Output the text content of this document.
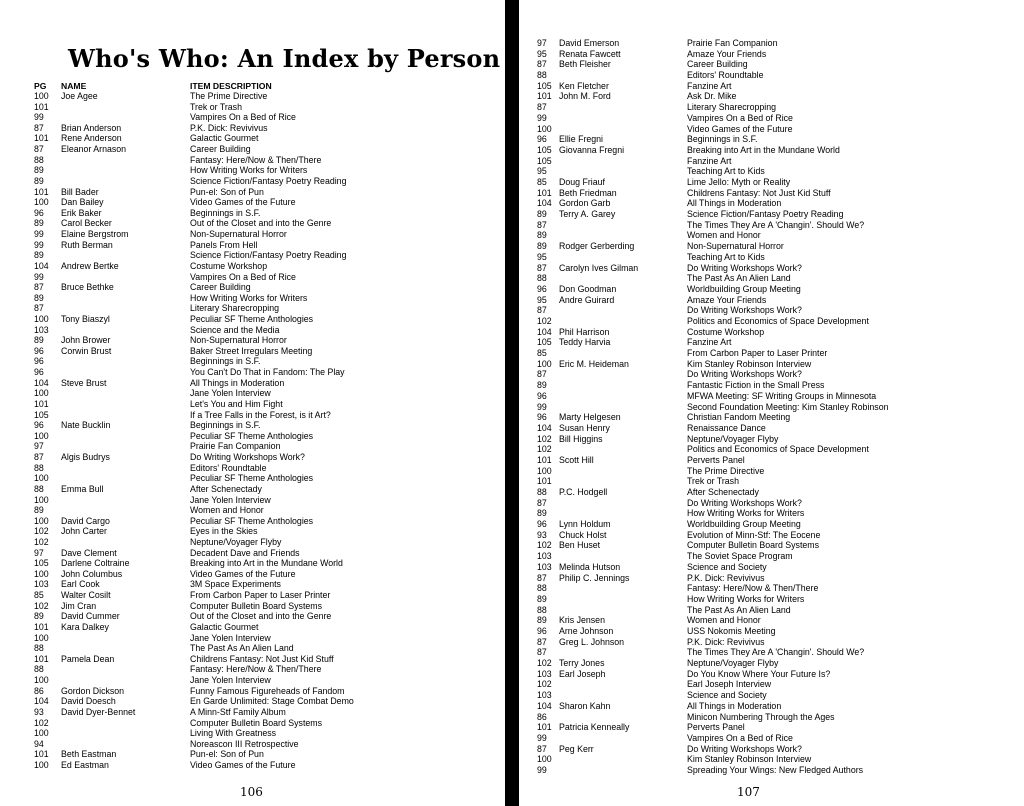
Who's Who: An Index by Person
PG NAME	ITEM DESCRIPTION
100 Joe Agee	The Prime Directive
101	Trek or Trash
99	Vampires On a Bed of Rice
87 Brian Anderson	P.K. Dick: Revivivus
101 Rene Anderson	Galactic Gourmet
87 Eleanor Arnason	Career Building
88	Fantasy: Here/Now & Then/There
89	How Writing Works for Writers
89	Science Fiction/Fantasy Poetry Reading
101 Bill Bader	Pun-el: Son of Pun
100 Dan Bailey	Video Games of the Future
96 Erik Baker	Beginnings in S.F.
89 Carol Becker	Out of the Closet and into the Genre
99 Elaine Bergstrom	Non-Supernatural Horror
99 Ruth Berman	Panels From Hell
89	Science Fiction/Fantasy Poetry Reading
104 Andrew Bertke	Costume Workshop
99	Vampires On a Bed of Rice
87 Bruce Bethke	Career Building
89	How Writing Works for Writers
87	Literary Sharecropping
100 Tony Biaszyl	Peculiar SF Theme Anthologies
103	Science and the Media
89 John Brower	Non-Supernatural Horror
96 Corwin Brust	Baker Street Irregulars Meeting
96	Beginnings in S.F.
96	You Can't Do That in Fandom: The Play
104 Steve Brust	All Things in Moderation
100	Jane Yolen Interview
101	Let's You and Him Fight
105	If a Tree Falls in the Forest, is it Art?
96 Nate Bucklin	Beginnings in S.F.
100	Peculiar SF Theme Anthologies
97	Prairie Fan Companion
87 Algis Budrys	Do Writing Workshops Work?
88	Editors' Roundtable
100	Peculiar SF Theme Anthologies
88 Emma Bull	After Schenectady
100	Jane Yolen Interview
89	Women and Honor
100 David Cargo	Peculiar SF Theme Anthologies
102 John Carter	Eyes in the Skies
102	Neptune/Voyager Flyby
97 Dave Clement	Decadent Dave and Friends
105 Darlene Coltraine	Breaking into Art in the Mundane World
100 John Columbus	Video Games of the Future
103 Earl Cook	3M Space Experiments
85 Walter Cosilt	From Carbon Paper to Laser Printer
102 Jim Cran	Computer Bulletin Board Systems
89 David Cummer	Out of the Closet and into the Genre
101 Kara Dalkey	Galactic Gourmet
100	Jane Yolen Interview
88	The Past As An Alien Land
101 Pamela Dean	Childrens Fantasy: Not Just Kid Stuff
88	Fantasy: Here/Now & Then/There
100	Jane Yolen Interview
86 Gordon Dickson	Funny Famous Figureheads of Fandom
104 David Doesch	En Garde Unlimited: Stage Combat Demo
93 David Dyer-Bennet	A Minn-Stf Family Album
102	Computer Bulletin Board Systems
100	Living With Greatness
94	Noreascon III Retrospective
101 Beth Eastman	Pun-el: Son of Pun
100 Ed Eastman	Video Games of the Future
106
97 David Emerson	Prairie Fan Companion
95 Renata Fawcett	Amaze Your Friends
87 Beth Fleisher	Career Building
88	Editors' Roundtable
105 Ken Fletcher	Fanzine Art
101 John M. Ford	Ask Dr. Mike
87	Literary Sharecropping
99	Vampires On a Bed of Rice
100	Video Games of the Future
96 Ellie Fregni	Beginnings in S.F.
105 Giovanna Fregni	Breaking into Art in the Mundane World
105	Fanzine Art
95	Teaching Art to Kids
85 Doug Friauf	Lime Jello: Myth or Reality
101 Beth Friedman	Childrens Fantasy: Not Just Kid Stuff
104 Gordon Garb	All Things in Moderation
89 Terry A. Garey	Science Fiction/Fantasy Poetry Reading
87	The Times They Are A 'Changin'. Should We?
89	Women and Honor
89 Rodger Gerberding	Non-Supernatural Horror
95	Teaching Art to Kids
87 Carolyn Ives Gilman	Do Writing Workshops Work?
88	The Past As An Alien Land
96 Don Goodman	Worldbuilding Group Meeting
95 Andre Guirard	Amaze Your Friends
87	Do Writing Workshops Work?
102	Politics and Economics of Space Development
104 Phil Harrison	Costume Workshop
105 Teddy Harvia	Fanzine Art
85	From Carbon Paper to Laser Printer
100 Eric M. Heideman	Kim Stanley Robinson Interview
87	Do Writing Workshops Work?
89	Fantastic Fiction in the Small Press
96	MFWA Meeting: SF Writing Groups in Minnesota
99	Second Foundation Meeting: Kim Stanley Robinson
96 Marty Helgesen	Christian Fandom Meeting
104 Susan Henry	Renaissance Dance
102 Bill Higgins	Neptune/Voyager Flyby
102	Politics and Economics of Space Development
101 Scott Hill	Perverts Panel
100	The Prime Directive
101	Trek or Trash
88 P.C. Hodgell	After Schenectady
87	Do Writing Workshops Work?
89	How Writing Works for Writers
96 Lynn Holdum	Worldbuilding Group Meeting
93 Chuck Holst	Evolution of Minn-Stf: The Eocene
102 Ben Huset	Computer Bulletin Board Systems
103	The Soviet Space Program
103 Melinda Hutson	Science and Society
87 Philip C. Jennings	P.K. Dick: Revivivus
88	Fantasy: Here/Now & Then/There
89	How Writing Works for Writers
88	The Past As An Alien Land
89 Kris Jensen	Women and Honor
96 Arne Johnson	USS Nokomis Meeting
87 Greg L. Johnson	P.K. Dick: Revivivus
87	The Times They Are A 'Changin'. Should We?
102 Terry Jones	Neptune/Voyager Flyby
103 Earl Joseph	Do You Know Where Your Future Is?
102	Earl Joseph Interview
103	Science and Society
104 Sharon Kahn	All Things in Moderation
86	Minicon Numbering Through the Ages
101 Patricia Kenneally	Perverts Panel
99	Vampires On a Bed of Rice
87 Peg Kerr	Do Writing Workshops Work?
100	Kim Stanley Robinson Interview
99	Spreading Your Wings: New Fledged Authors
107
